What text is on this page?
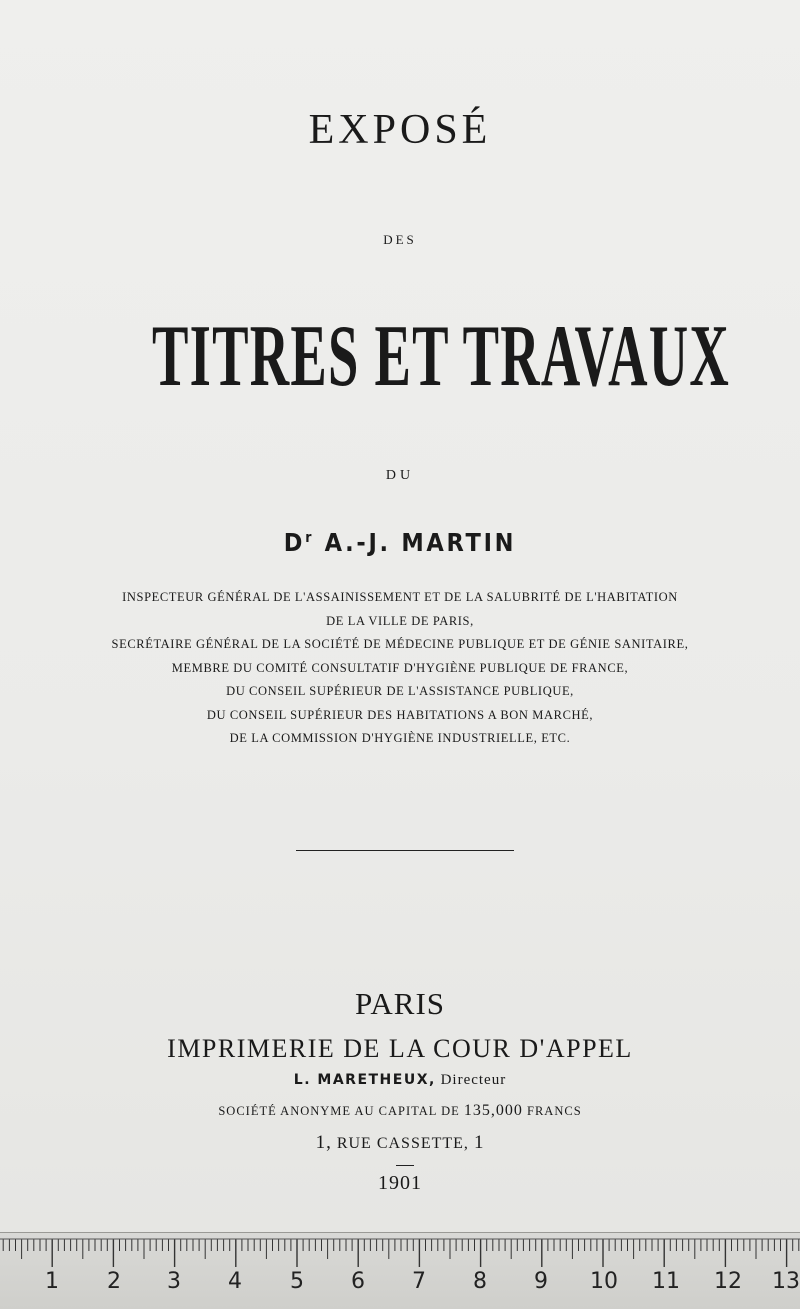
EXPOSÉ
DES
TITRES ET TRAVAUX
DU
$D^r$ A.-J. MARTIN
INSPECTEUR GÉNÉRAL DE L'ASSAINISSEMENT ET DE LA SALUBRITÉ DE L'HABITATION
DE LA VILLE DE PARIS,
SECRÉTAIRE GÉNÉRAL DE LA SOCIÉTÉ DE MÉDECINE PUBLIQUE ET DE GÉNIE SANITAIRE,
MEMBRE DU COMITÉ CONSULTATIF D'HYGIÈNE PUBLIQUE DE FRANCE,
DU CONSEIL SUPÉRIEUR DE L'ASSISTANCE PUBLIQUE,
DU CONSEIL SUPÉRIEUR DES HABITATIONS A BON MARCHÉ,
DE LA COMMISSION D'HYGIÈNE INDUSTRIELLE, ETC.
PARIS
IMPRIMERIE DE LA COUR D'APPEL
L. MARETHEUX, Directeur
SOCIÉTÉ ANONYME AU CAPITAL DE 135,000 FRANCS
1, RUE CASSETTE, 1
1901
1 2 3 4 5 6 7 8 9 10 11 12 13
